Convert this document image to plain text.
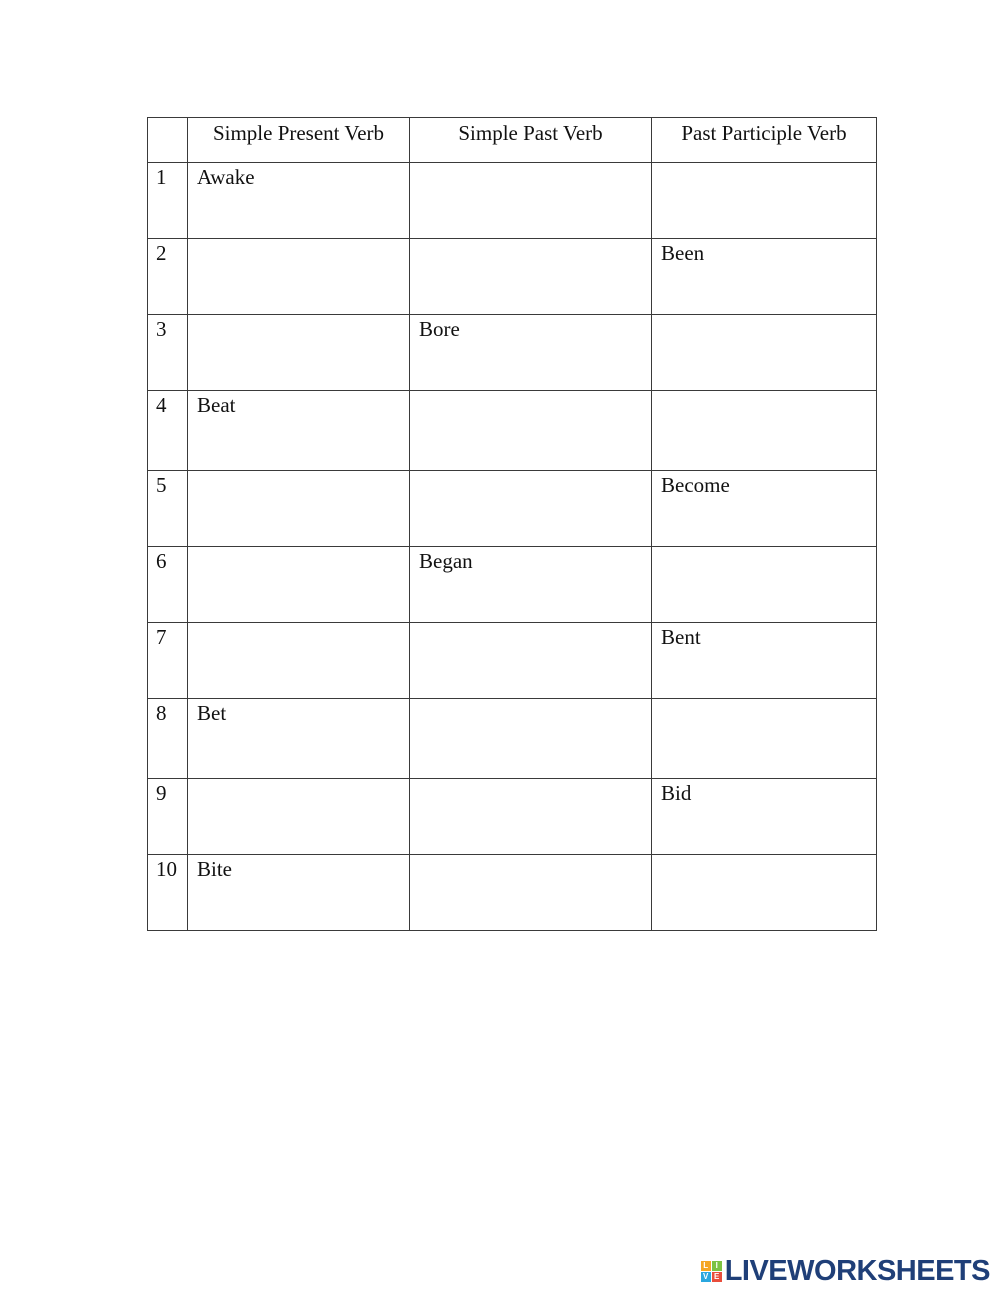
	Simple Present Verb	Simple Past Verb	Past Participle Verb
1	Awake		
2			Been
3		Bore	
4	Beat		
5			Become
6		Began	
7			Bent
8	Bet		
9			Bid
10	Bite		
L I
V E LIVEWORKSHEETS
